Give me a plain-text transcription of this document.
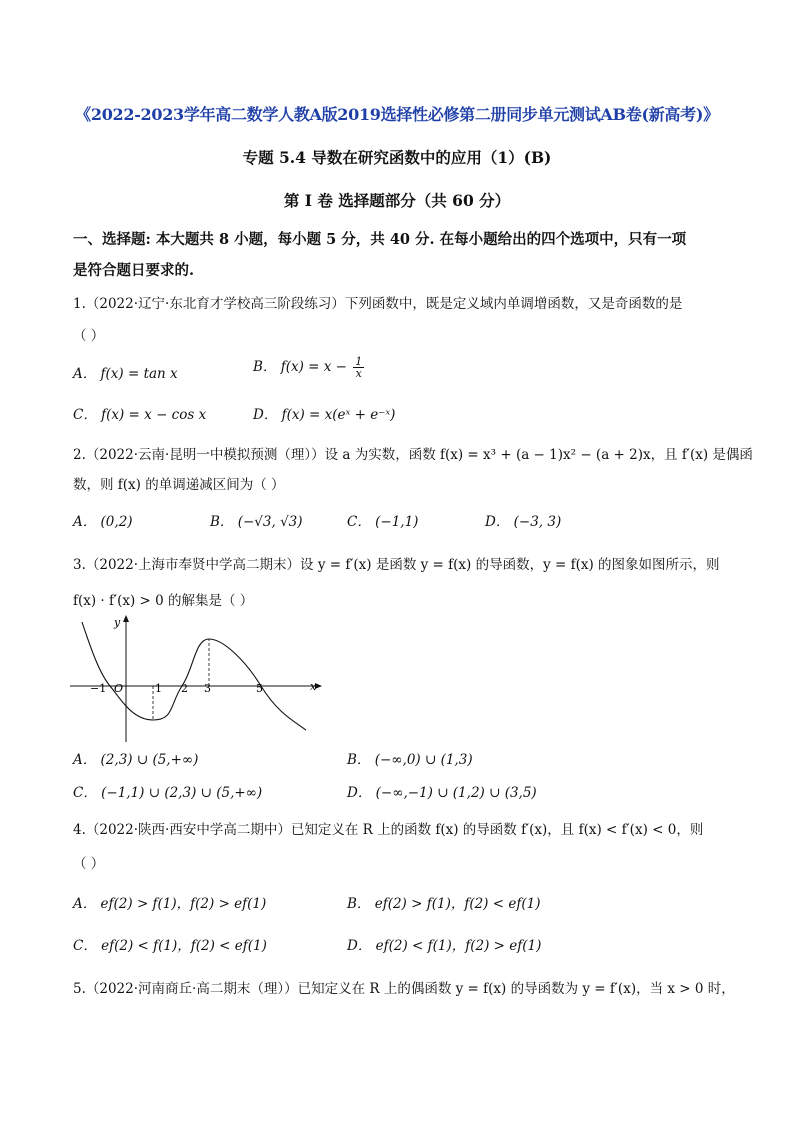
《2022-2023学年高二数学人教A版2019选择性必修第二册同步单元测试AB卷(新高考)》
专题 5.4 导数在研究函数中的应用（1）(B)
第 I 卷 选择题部分（共 60 分）
一、选择题: 本大题共 8 小题，每小题 5 分，共 40 分. 在每小题给出的四个选项中，只有一项
是符合题日要求的.
1.（2022·辽宁·东北育才学校高三阶段练习）下列函数中，既是定义域内单调增函数，又是奇函数的是
（ ）
A． f(x) = tan x	B． $f(x) = x - \frac{1}{x}$
C． f(x) = x − cos x	D． f(x) = x(eˣ + e⁻ˣ)
2.（2022·云南·昆明一中模拟预测（理））设 a 为实数，函数 f(x) = x³ + (a − 1)x² − (a + 2)x，且 f′(x) 是偶函
数，则 f(x) 的单调递减区间为（ ）
A． (0,2)	B． (−√3, √3)	C． (−1,1)	D． (−3, 3)
3.（2022·上海市奉贤中学高二期末）设 y = f′(x) 是函数 y = f(x) 的导函数，y = f(x) 的图象如图所示，则
f(x) · f′(x) > 0 的解集是（ ）
x
y
O
−1	1 2 3	5
A． (2,3) ∪ (5,+∞)	B． (−∞,0) ∪ (1,3)
C． (−1,1) ∪ (2,3) ∪ (5,+∞)	D． (−∞,−1) ∪ (1,2) ∪ (3,5)
4.（2022·陕西·西安中学高二期中）已知定义在 R 上的函数 f(x) 的导函数 f′(x)，且 f(x) < f′(x) < 0，则
（ ）
A． ef(2) > f(1)，f(2) > ef(1)	B． ef(2) > f(1)，f(2) < ef(1)
C． ef(2) < f(1)，f(2) < ef(1)	D． ef(2) < f(1)，f(2) > ef(1)
5.（2022·河南商丘·高二期末（理））已知定义在 R 上的偶函数 y = f(x) 的导函数为 y = f′(x)，当 x > 0 时，
